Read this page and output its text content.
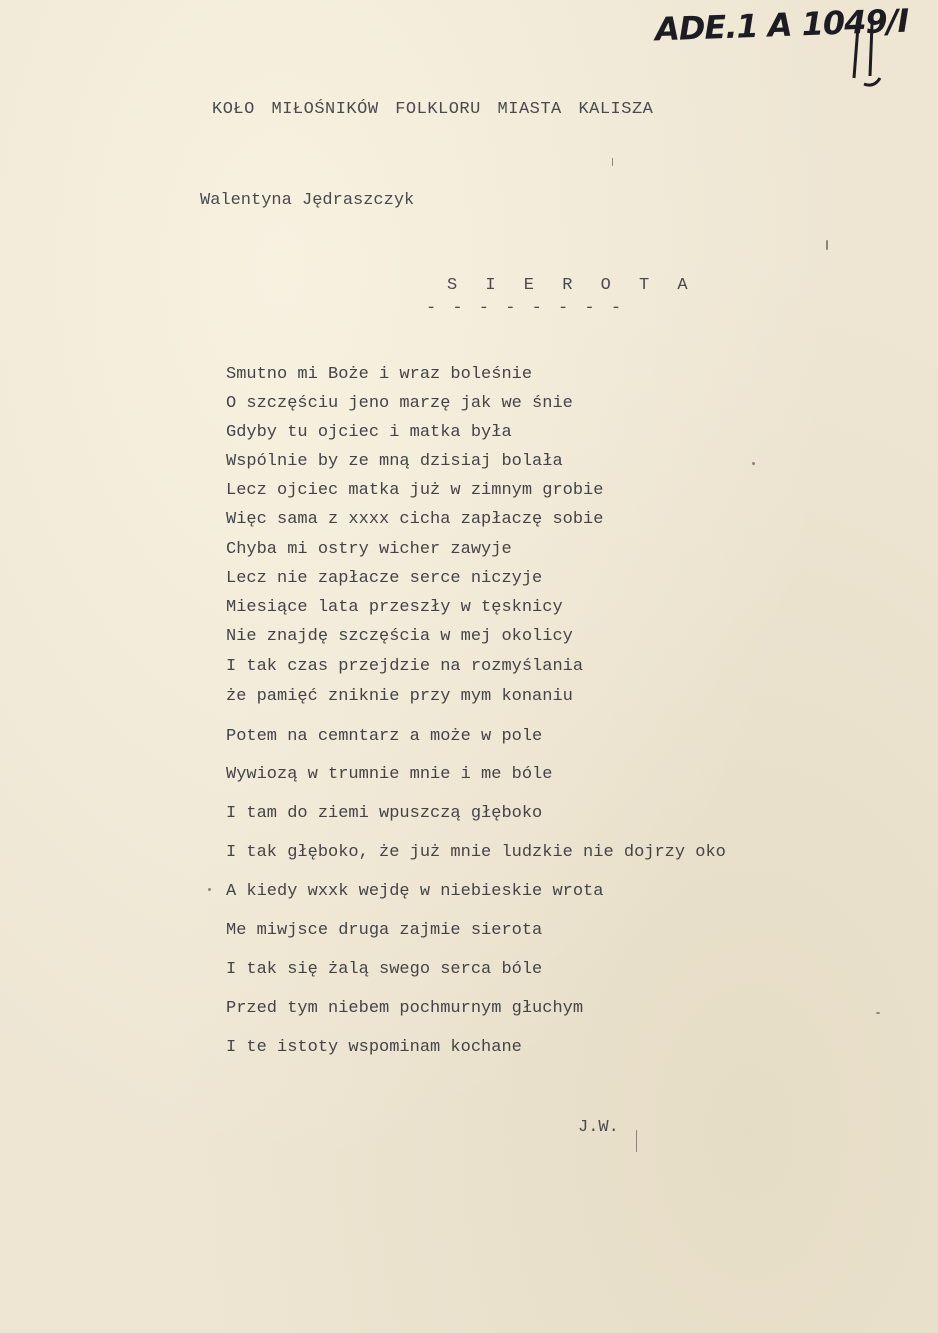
ADE.1 A 1049/I
KOŁO MIŁOŚNIKÓW FOLKLORU MIASTA KALISZA
Walentyna Jędraszczyk
S I E R O T A
- - - - - - - -
Smutno mi Boże i wraz boleśnie
O szczęściu jeno marzę jak we śnie
Gdyby tu ojciec i matka była
Wspólnie by ze mną dzisiaj bolała
Lecz ojciec matka już w zimnym grobie
Więc sama z xxxx cicha zapłaczę sobie
Chyba mi ostry wicher zawyje
Lecz nie zapłacze serce niczyje
Miesiące lata przeszły w tęsknicy
Nie znajdę szczęścia w mej okolicy
I tak czas przejdzie na rozmyślania
że pamięć zniknie przy mym konaniu
Potem na cemntarz a może w pole
Wywiozą w trumnie mnie i me bóle
I tam do ziemi wpuszczą głęboko
I tak głęboko, że już mnie ludzkie nie dojrzy oko
A kiedy wxxk wejdę w niebieskie wrota
Me miwjsce druga zajmie sierota
I tak się żalą swego serca bóle
Przed tym niebem pochmurnym głuchym
I te istoty wspominam kochane
J.W.
